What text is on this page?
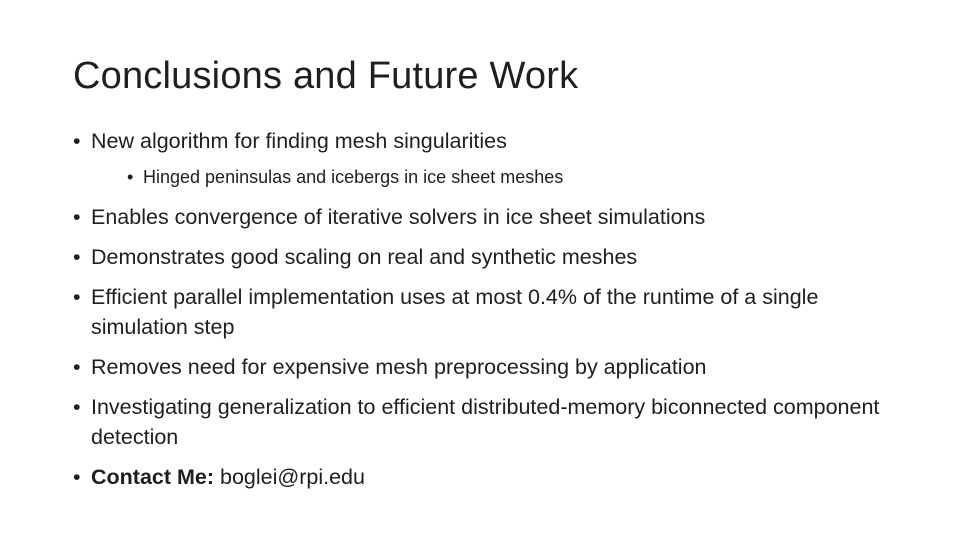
Conclusions and Future Work
• New algorithm for finding mesh singularities
• Hinged peninsulas and icebergs in ice sheet meshes
• Enables convergence of iterative solvers in ice sheet simulations
• Demonstrates good scaling on real and synthetic meshes
• Efficient parallel implementation uses at most 0.4% of the runtime of a single simulation step
• Removes need for expensive mesh preprocessing by application
• Investigating generalization to efficient distributed-memory biconnected component detection
• Contact Me: boglei@rpi.edu
